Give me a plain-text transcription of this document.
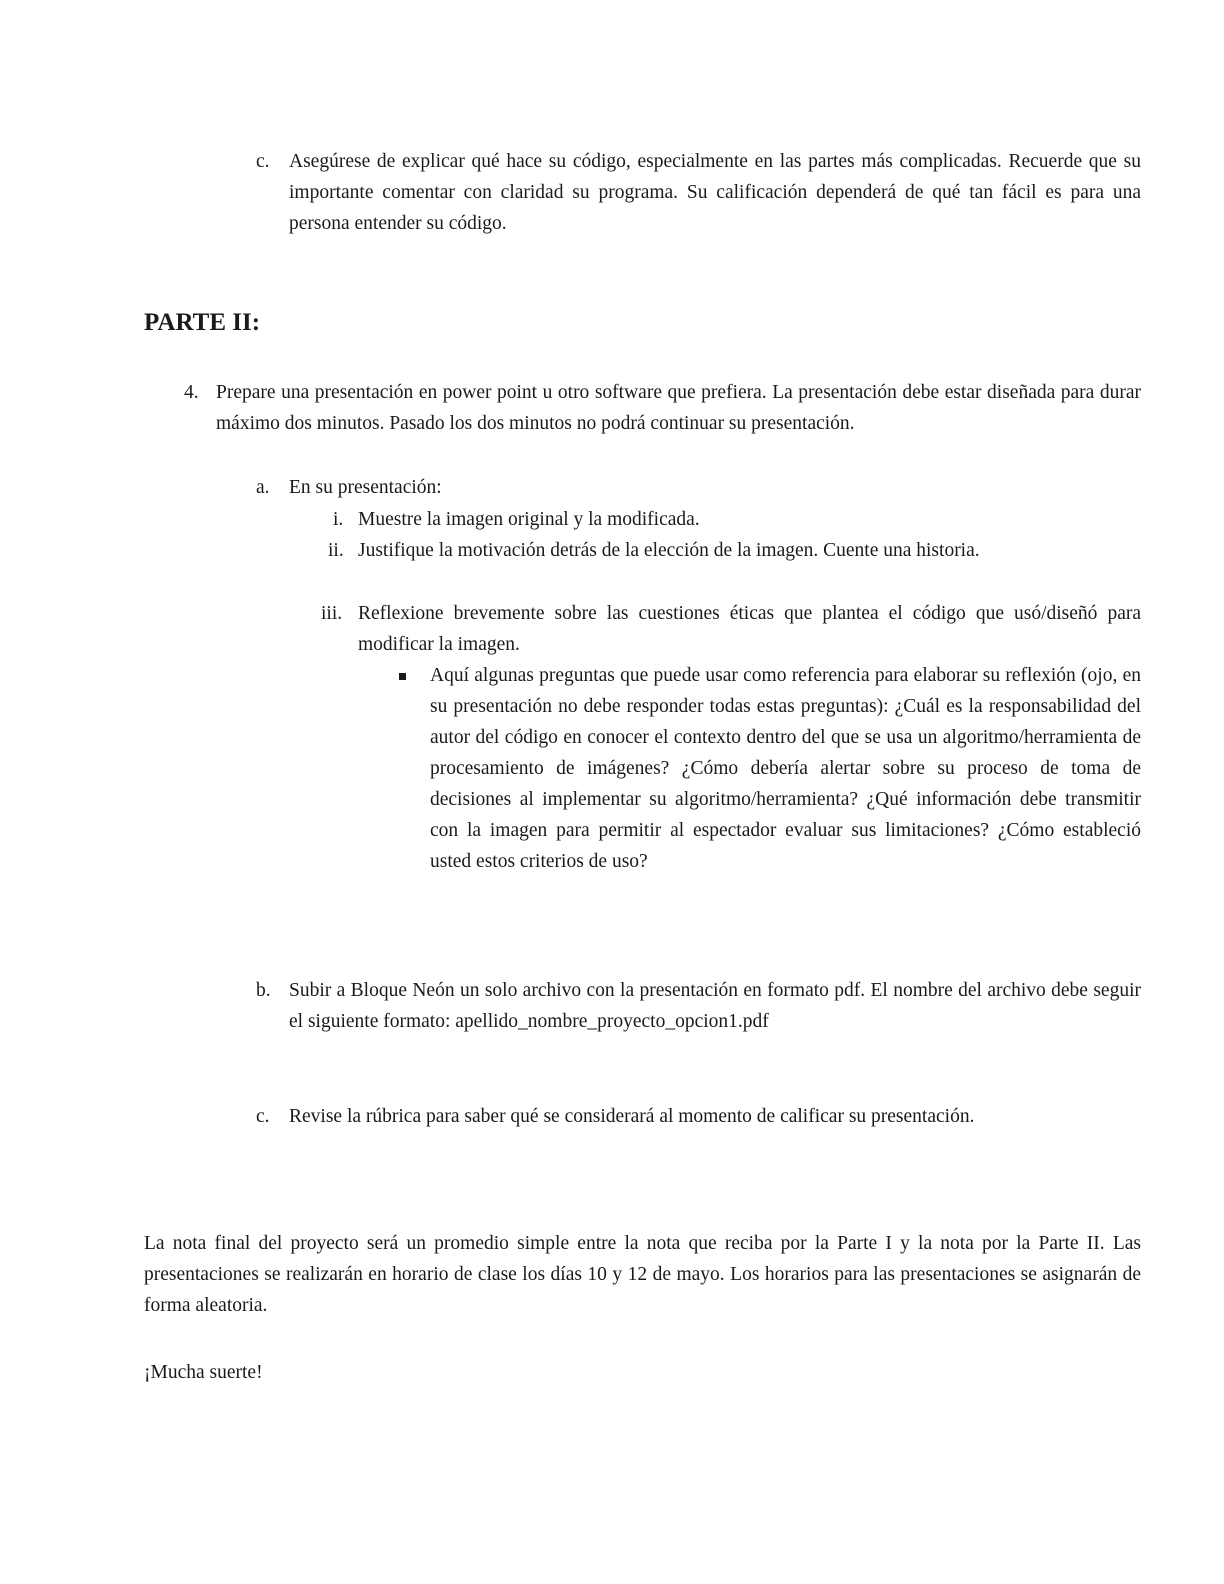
c. Asegúrese de explicar qué hace su código, especialmente en las partes más complicadas. Recuerde que su importante comentar con claridad su programa. Su calificación dependerá de qué tan fácil es para una persona entender su código.
PARTE II:
4. Prepare una presentación en power point u otro software que prefiera. La presentación debe estar diseñada para durar máximo dos minutos. Pasado los dos minutos no podrá continuar su presentación.
a. En su presentación:
i. Muestre la imagen original y la modificada.
ii. Justifique la motivación detrás de la elección de la imagen. Cuente una historia.
iii. Reflexione brevemente sobre las cuestiones éticas que plantea el código que usó/diseñó para modificar la imagen.
Aquí algunas preguntas que puede usar como referencia para elaborar su reflexión (ojo, en su presentación no debe responder todas estas preguntas): ¿Cuál es la responsabilidad del autor del código en conocer el contexto dentro del que se usa un algoritmo/herramienta de procesamiento de imágenes? ¿Cómo debería alertar sobre su proceso de toma de decisiones al implementar su algoritmo/herramienta? ¿Qué información debe transmitir con la imagen para permitir al espectador evaluar sus limitaciones? ¿Cómo estableció usted estos criterios de uso?
b. Subir a Bloque Neón un solo archivo con la presentación en formato pdf. El nombre del archivo debe seguir el siguiente formato: apellido_nombre_proyecto_opcion1.pdf
c. Revise la rúbrica para saber qué se considerará al momento de calificar su presentación.
La nota final del proyecto será un promedio simple entre la nota que reciba por la Parte I y la nota por la Parte II. Las presentaciones se realizarán en horario de clase los días 10 y 12 de mayo. Los horarios para las presentaciones se asignarán de forma aleatoria.
¡Mucha suerte!
